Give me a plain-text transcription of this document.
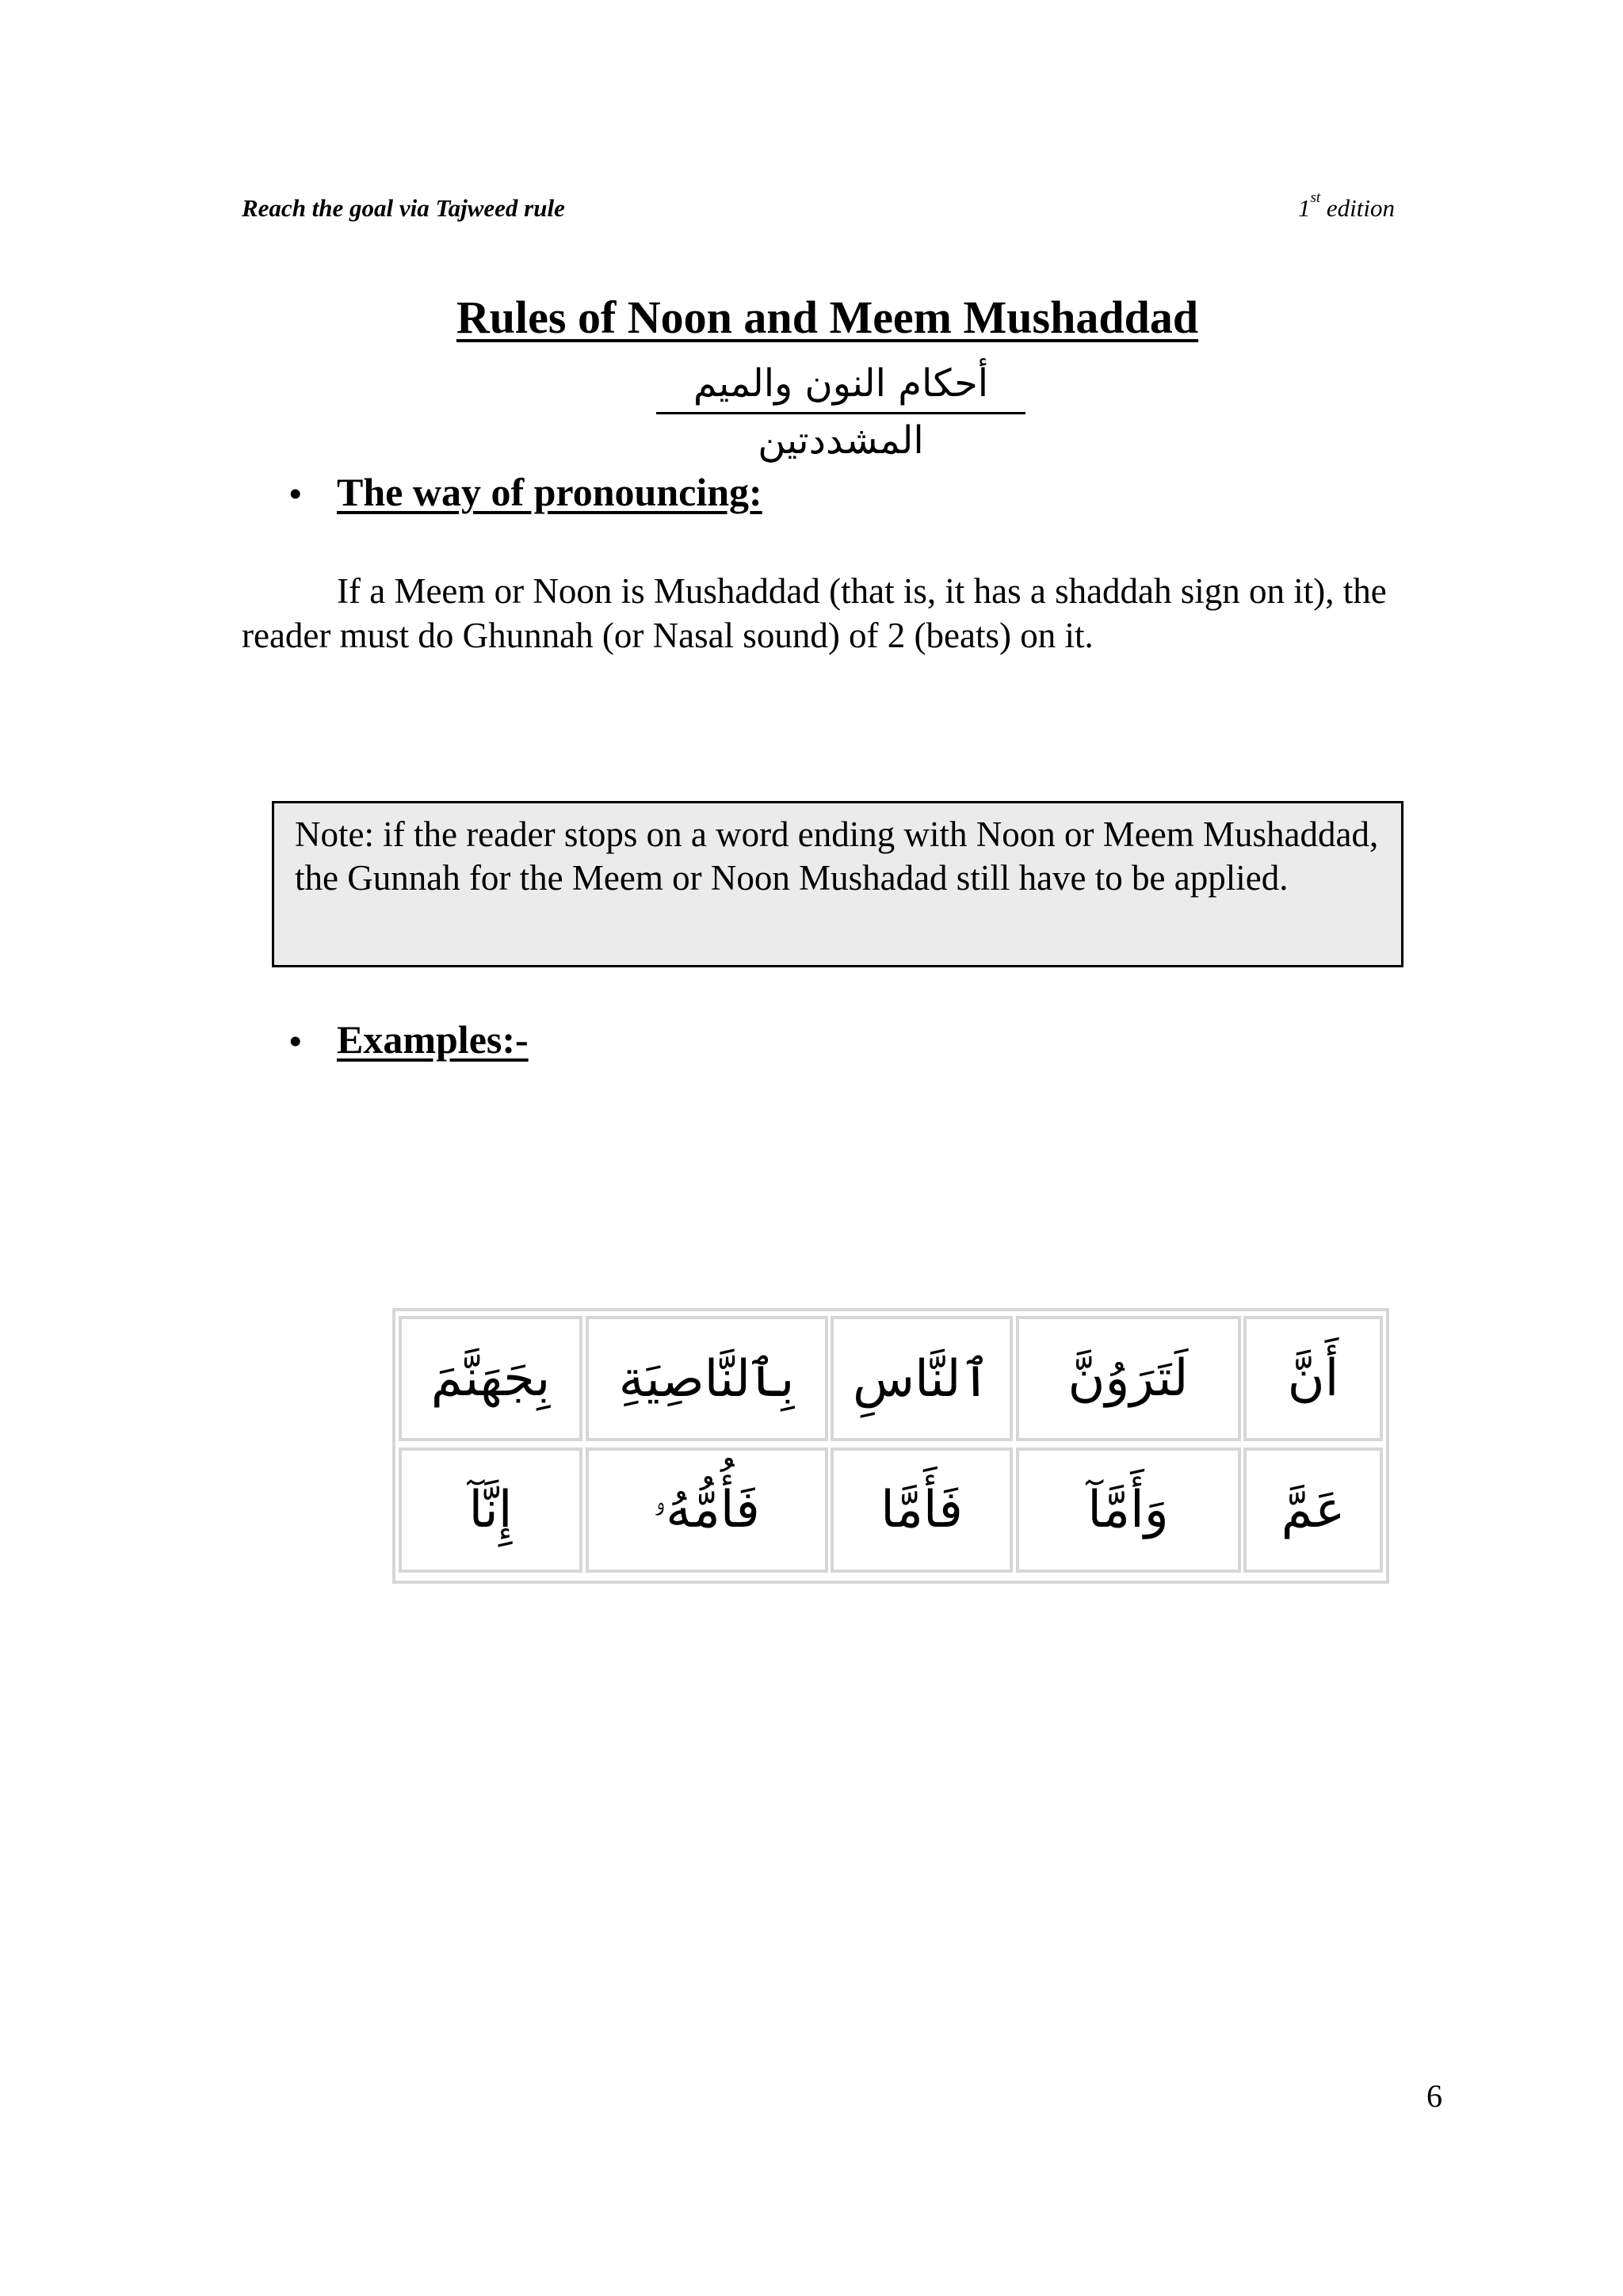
Reach the goal via Tajweed rule	1st edition
Rules of Noon and Meem Mushaddad
أحكام النون والميم المشددتين
• The way of pronouncing:

If a Meem or Noon is Mushaddad (that is, it has a shaddah sign on it), the reader must do Ghunnah (or Nasal sound) of 2 (beats) on it.

Note: if the reader stops on a word ending with Noon or Meem Mushaddad, the Gunnah for the Meem or Noon Mushadad still have to be applied.
• Examples:-
أَنَّ
لَتَرَوُنَّ
ٱلنَّاسِ
بِٱلنَّاصِيَةِ
بِجَهَنَّمَ
عَمَّ
وَأَمَّآ
فَأَمَّا
فَأُمُّهُۥ
إِنَّآ
6
